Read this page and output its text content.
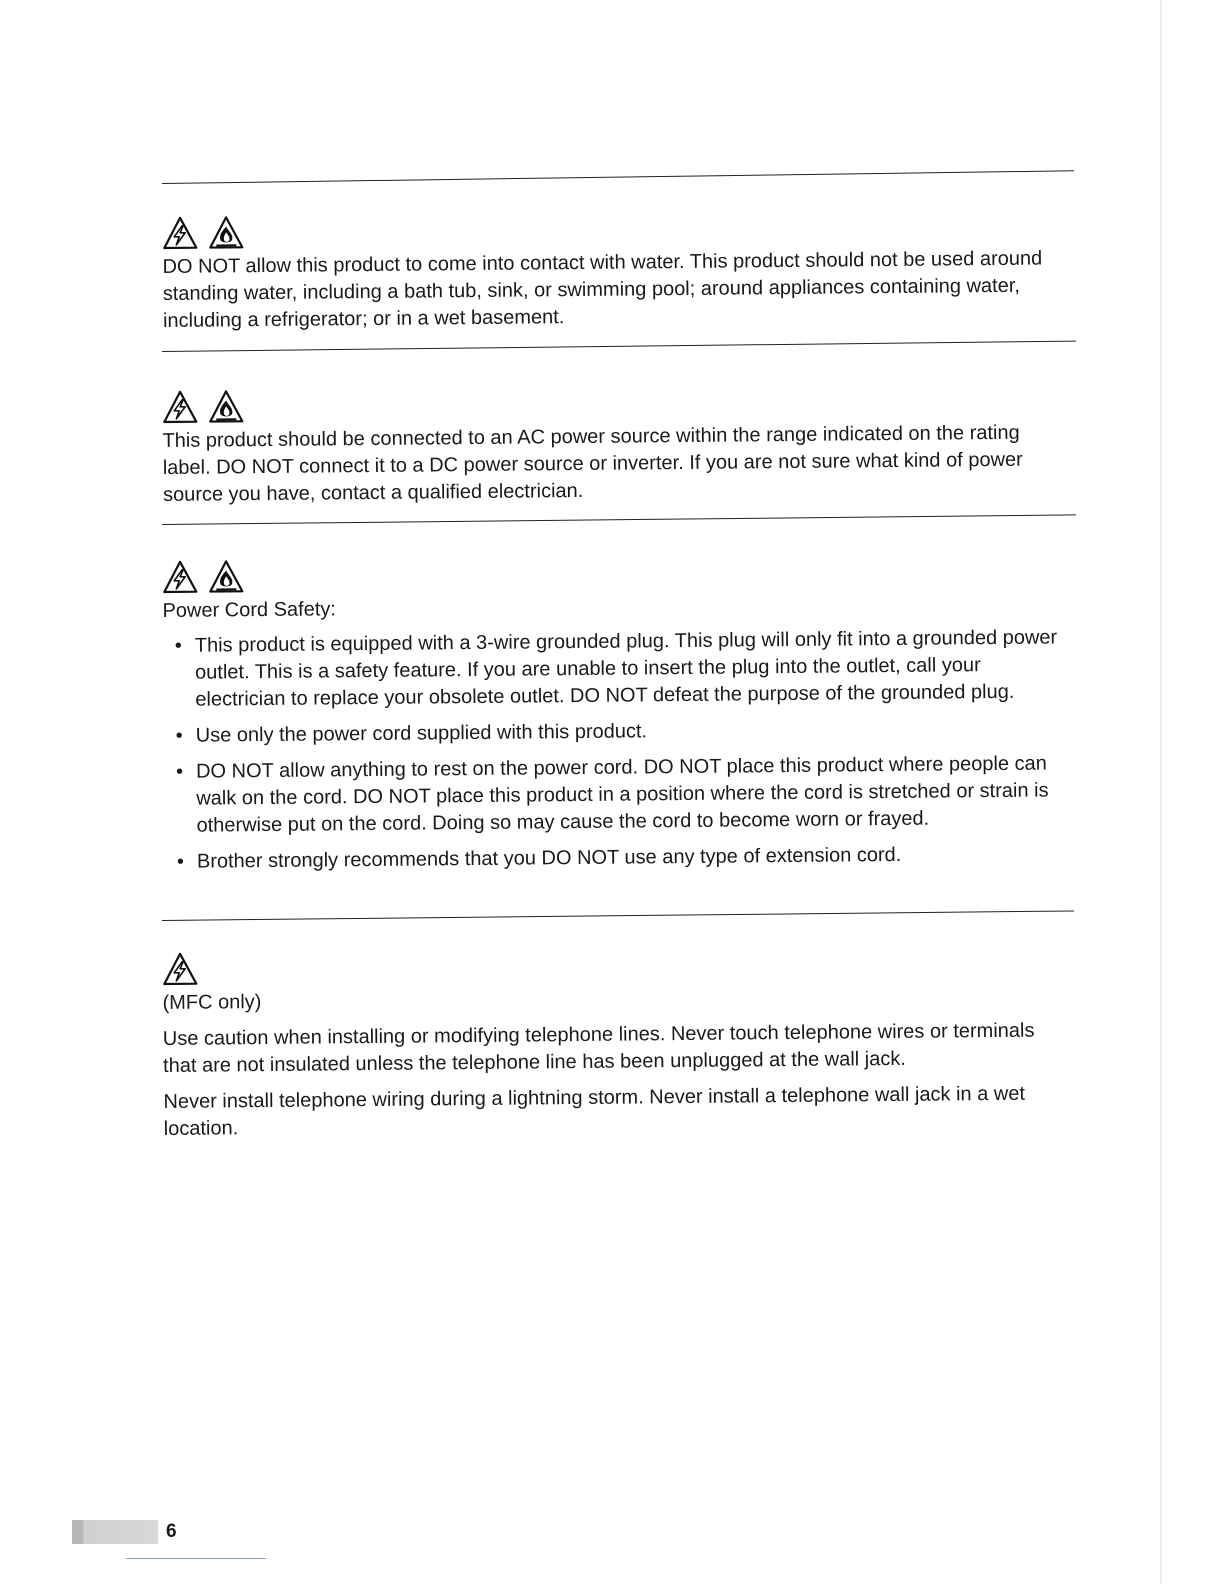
DO NOT allow this product to come into contact with water. This product should not be used around standing water, including a bath tub, sink, or swimming pool; around appliances containing water, including a refrigerator; or in a wet basement.

This product should be connected to an AC power source within the range indicated on the rating label. DO NOT connect it to a DC power source or inverter. If you are not sure what kind of power source you have, contact a qualified electrician.

Power Cord Safety:

• This product is equipped with a 3-wire grounded plug. This plug will only fit into a grounded power outlet. This is a safety feature. If you are unable to insert the plug into the outlet, call your electrician to replace your obsolete outlet. DO NOT defeat the purpose of the grounded plug.
• Use only the power cord supplied with this product.
• DO NOT allow anything to rest on the power cord. DO NOT place this product where people can walk on the cord. DO NOT place this product in a position where the cord is stretched or strain is otherwise put on the cord. Doing so may cause the cord to become worn or frayed.
• Brother strongly recommends that you DO NOT use any type of extension cord.

(MFC only)

Use caution when installing or modifying telephone lines. Never touch telephone wires or terminals that are not insulated unless the telephone line has been unplugged at the wall jack.

Never install telephone wiring during a lightning storm. Never install a telephone wall jack in a wet location.

6
